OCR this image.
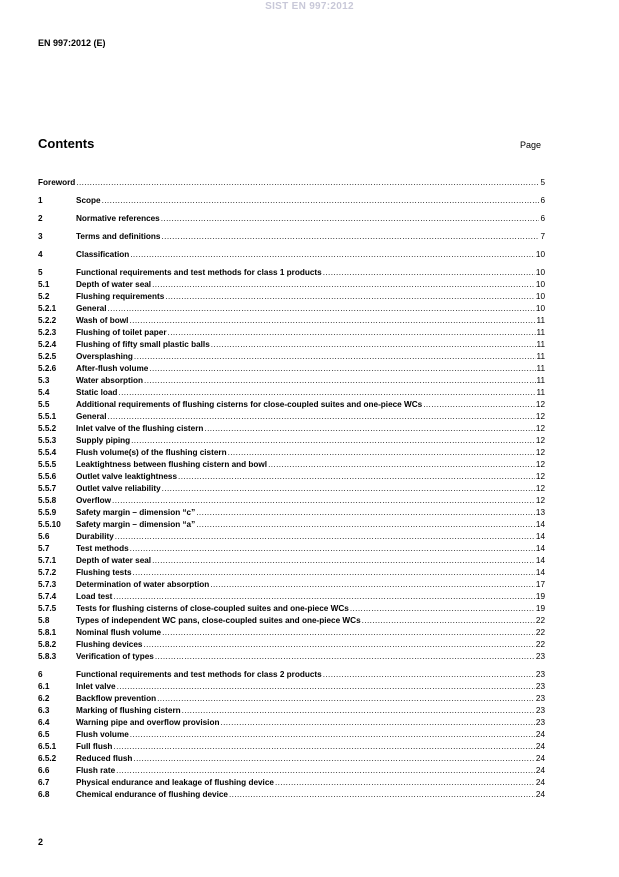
SIST EN 997:2012
EN 997:2012 (E)
Contents	Page
Foreword .....	5
1	Scope .....	6
2	Normative references .....	6
3	Terms and definitions .....	7
4	Classification .....	10
5	Functional requirements and test methods for class 1 products .....	10
5.1	Depth of water seal .....	10
5.2	Flushing requirements .....	10
5.2.1	General .....	10
5.2.2	Wash of bowl .....	11
5.2.3	Flushing of toilet paper .....	11
5.2.4	Flushing of fifty small plastic balls .....	11
5.2.5	Oversplashing .....	11
5.2.6	After-flush volume .....	11
5.3	Water absorption .....	11
5.4	Static load .....	11
5.5	Additional requirements of flushing cisterns for close-coupled suites and one-piece WCs .....	12
5.5.1	General .....	12
5.5.2	Inlet valve of the flushing cistern .....	12
5.5.3	Supply piping .....	12
5.5.4	Flush volume(s) of the flushing cistern .....	12
5.5.5	Leaktightness between flushing cistern and bowl .....	12
5.5.6	Outlet valve leaktightness .....	12
5.5.7	Outlet valve reliability .....	12
5.5.8	Overflow .....	12
5.5.9	Safety margin – dimension “c” .....	13
5.5.10	Safety margin – dimension “a” .....	14
5.6	Durability .....	14
5.7	Test methods .....	14
5.7.1	Depth of water seal .....	14
5.7.2	Flushing tests .....	14
5.7.3	Determination of water absorption .....	17
5.7.4	Load test .....	19
5.7.5	Tests for flushing cisterns of close-coupled suites and one-piece WCs .....	19
5.8	Types of independent WC pans, close-coupled suites and one-piece WCs .....	22
5.8.1	Nominal flush volume .....	22
5.8.2	Flushing devices .....	22
5.8.3	Verification of types .....	23
6	Functional requirements and test methods for class 2 products .....	23
6.1	Inlet valve .....	23
6.2	Backflow prevention .....	23
6.3	Marking of flushing cistern .....	23
6.4	Warning pipe and overflow provision .....	23
6.5	Flush volume .....	24
6.5.1	Full flush .....	24
6.5.2	Reduced flush .....	24
6.6	Flush rate .....	24
6.7	Physical endurance and leakage of flushing device .....	24
6.8	Chemical endurance of flushing device .....	24
2
